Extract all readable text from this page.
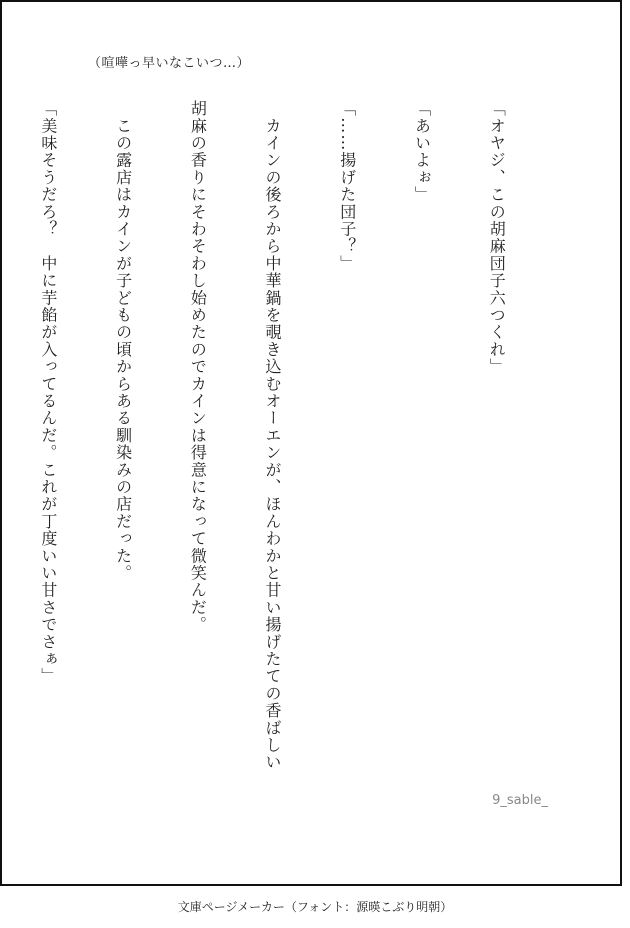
（喧嘩っ早いなこいつ…）

「オヤジ、この胡麻団子六つくれ」

「あいよぉ」

「……揚げた団子？」

　カインの後ろから中華鍋を覗き込むオーエンが、ほんわかと甘い揚げたての香ばしい

胡麻の香りにそわそわし始めたのでカインは得意になって微笑んだ。

　この露店はカインが子どもの頃からある馴染みの店だった。

「美味そうだろ？　中に芋餡が入ってるんだ。これが丁度いい甘さでさぁ」

9_sable_
文庫ページメーカー（フォント：源暎こぶり明朝）
